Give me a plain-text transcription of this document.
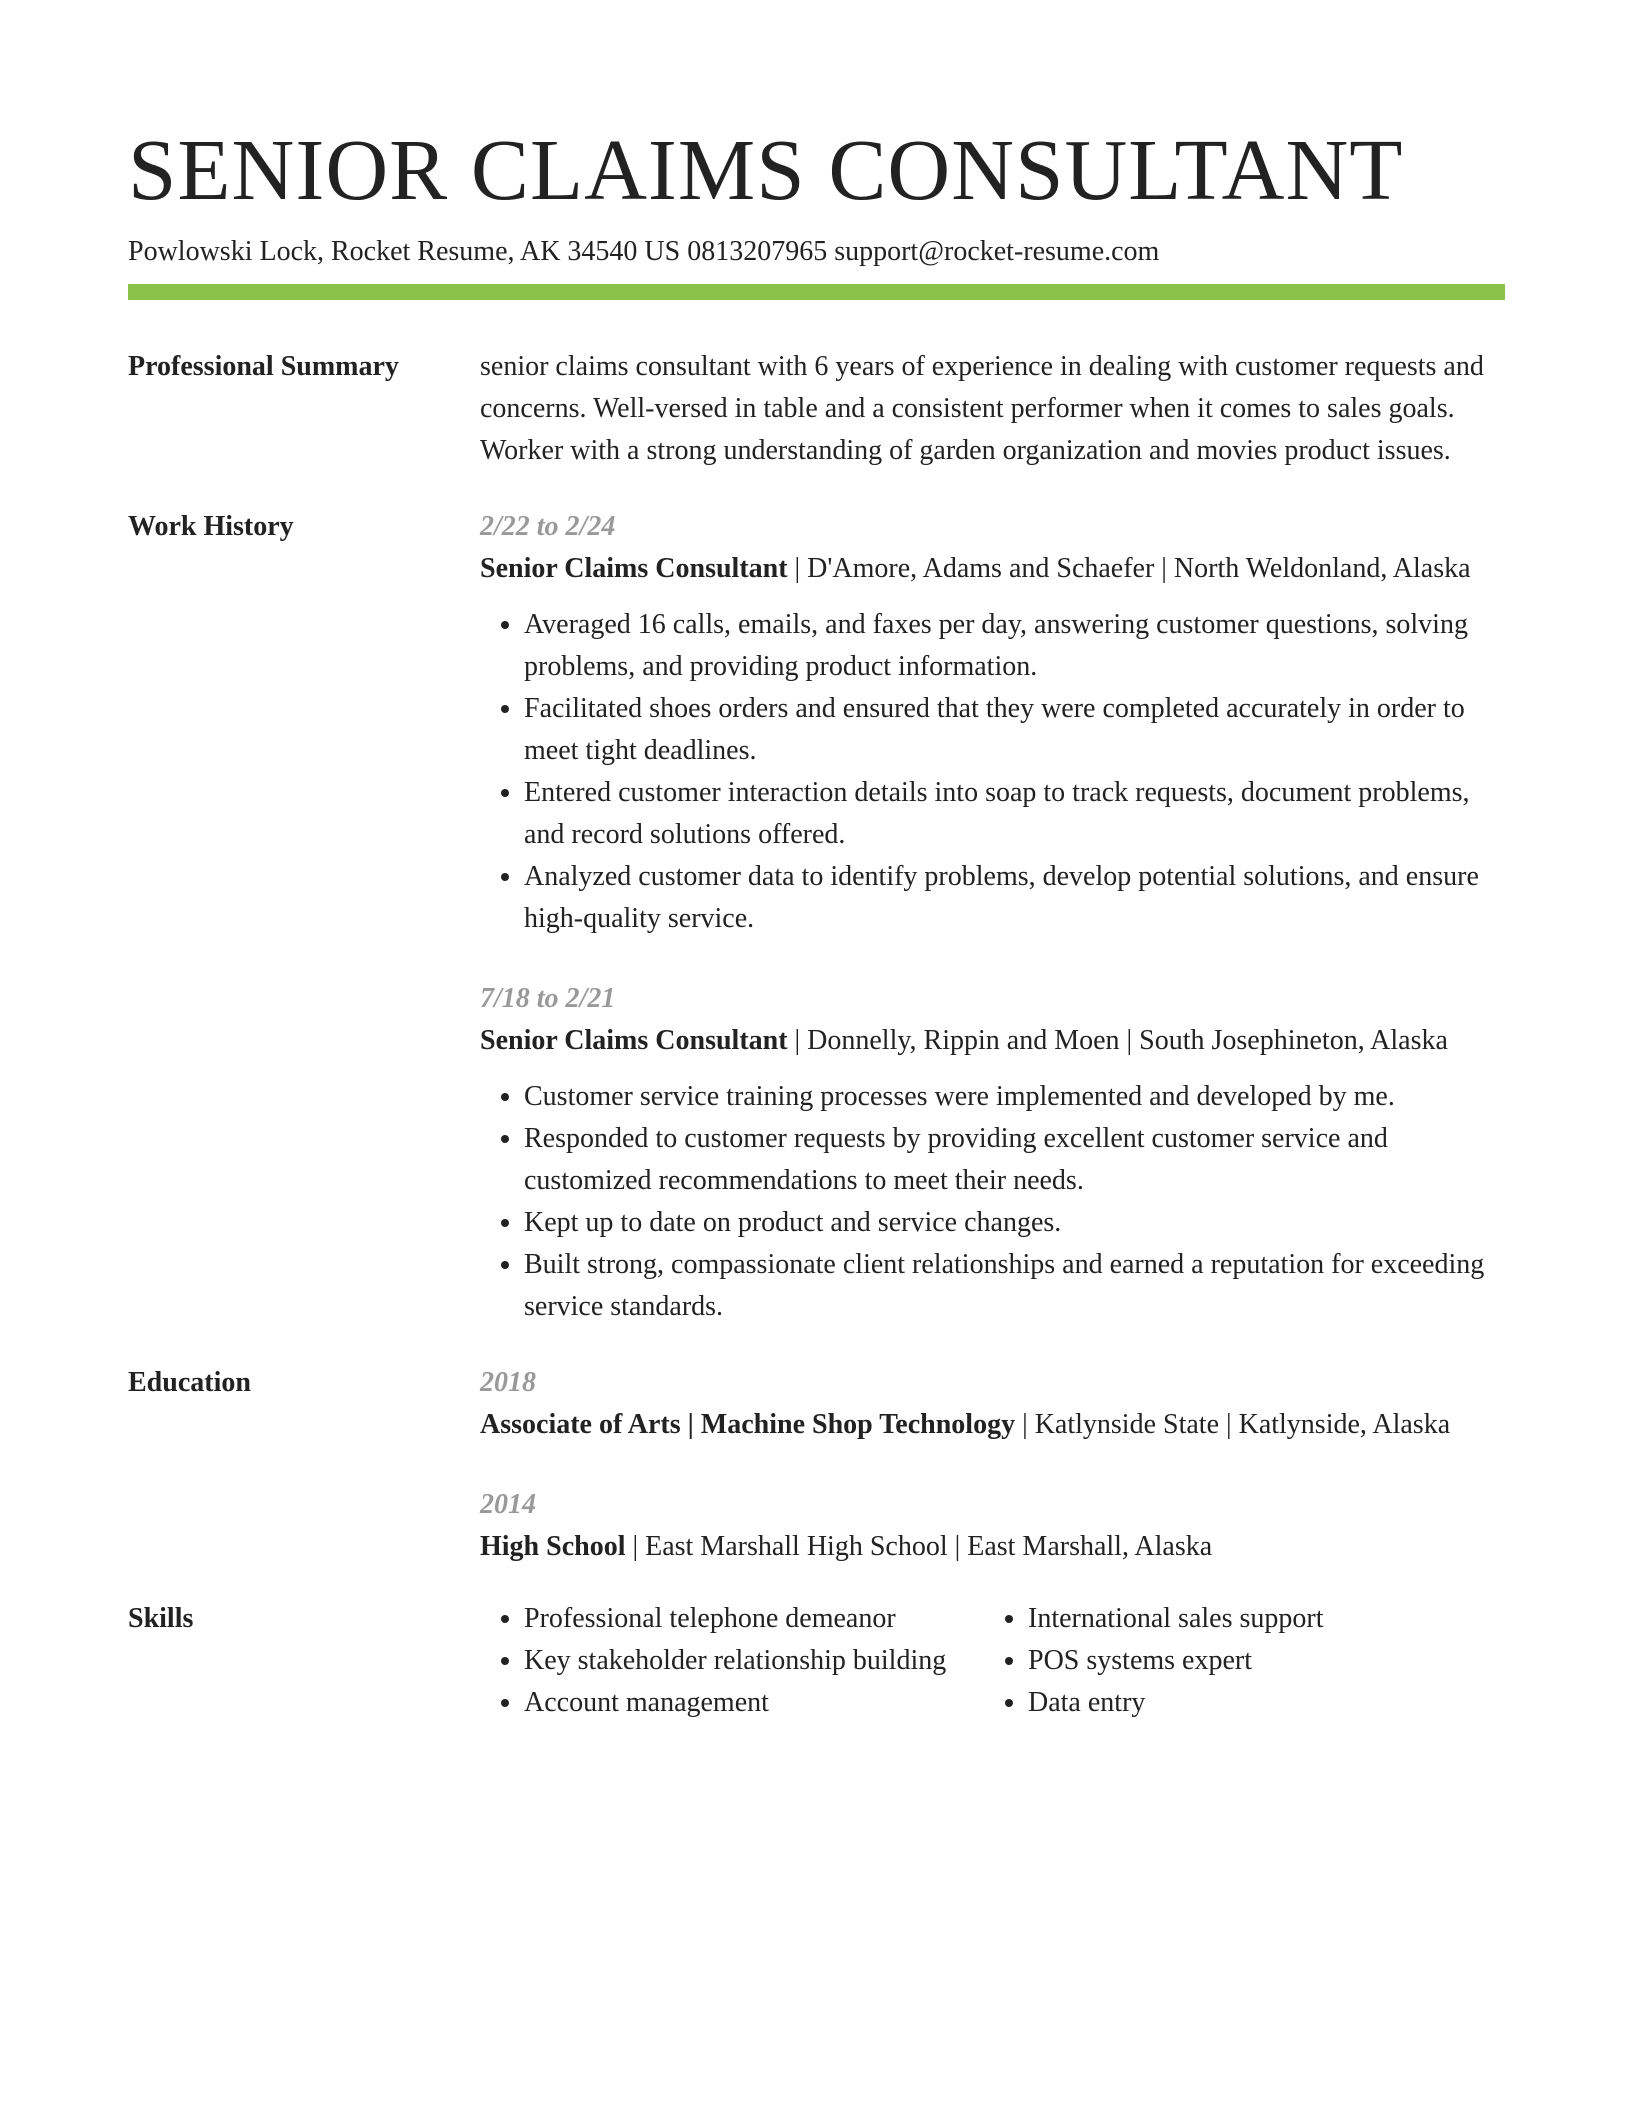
SENIOR CLAIMS CONSULTANT
Powlowski Lock, Rocket Resume, AK 34540 US 0813207965 support@rocket-resume.com
Professional Summary	senior claims consultant with 6 years of experience in dealing with customer requests and concerns. Well-versed in table and a consistent performer when it comes to sales goals. Worker with a strong understanding of garden organization and movies product issues.

Work History	2/22 to 2/24
Senior Claims Consultant | D'Amore, Adams and Schaefer | North Weldonland, Alaska
• Averaged 16 calls, emails, and faxes per day, answering customer questions, solving problems, and providing product information.
• Facilitated shoes orders and ensured that they were completed accurately in order to meet tight deadlines.
• Entered customer interaction details into soap to track requests, document problems, and record solutions offered.
• Analyzed customer data to identify problems, develop potential solutions, and ensure high-quality service.
7/18 to 2/21
Senior Claims Consultant | Donnelly, Rippin and Moen | South Josephineton, Alaska
• Customer service training processes were implemented and developed by me.
• Responded to customer requests by providing excellent customer service and customized recommendations to meet their needs.
• Kept up to date on product and service changes.
• Built strong, compassionate client relationships and earned a reputation for exceeding service standards.
Education	2018
Associate of Arts | Machine Shop Technology | Katlynside State | Katlynside, Alaska
2014
High School | East Marshall High School | East Marshall, Alaska
Skills
•	Professional telephone demeanor
• Key stakeholder relationship building
• Account management
• International sales support
• POS systems expert
• Data entry
